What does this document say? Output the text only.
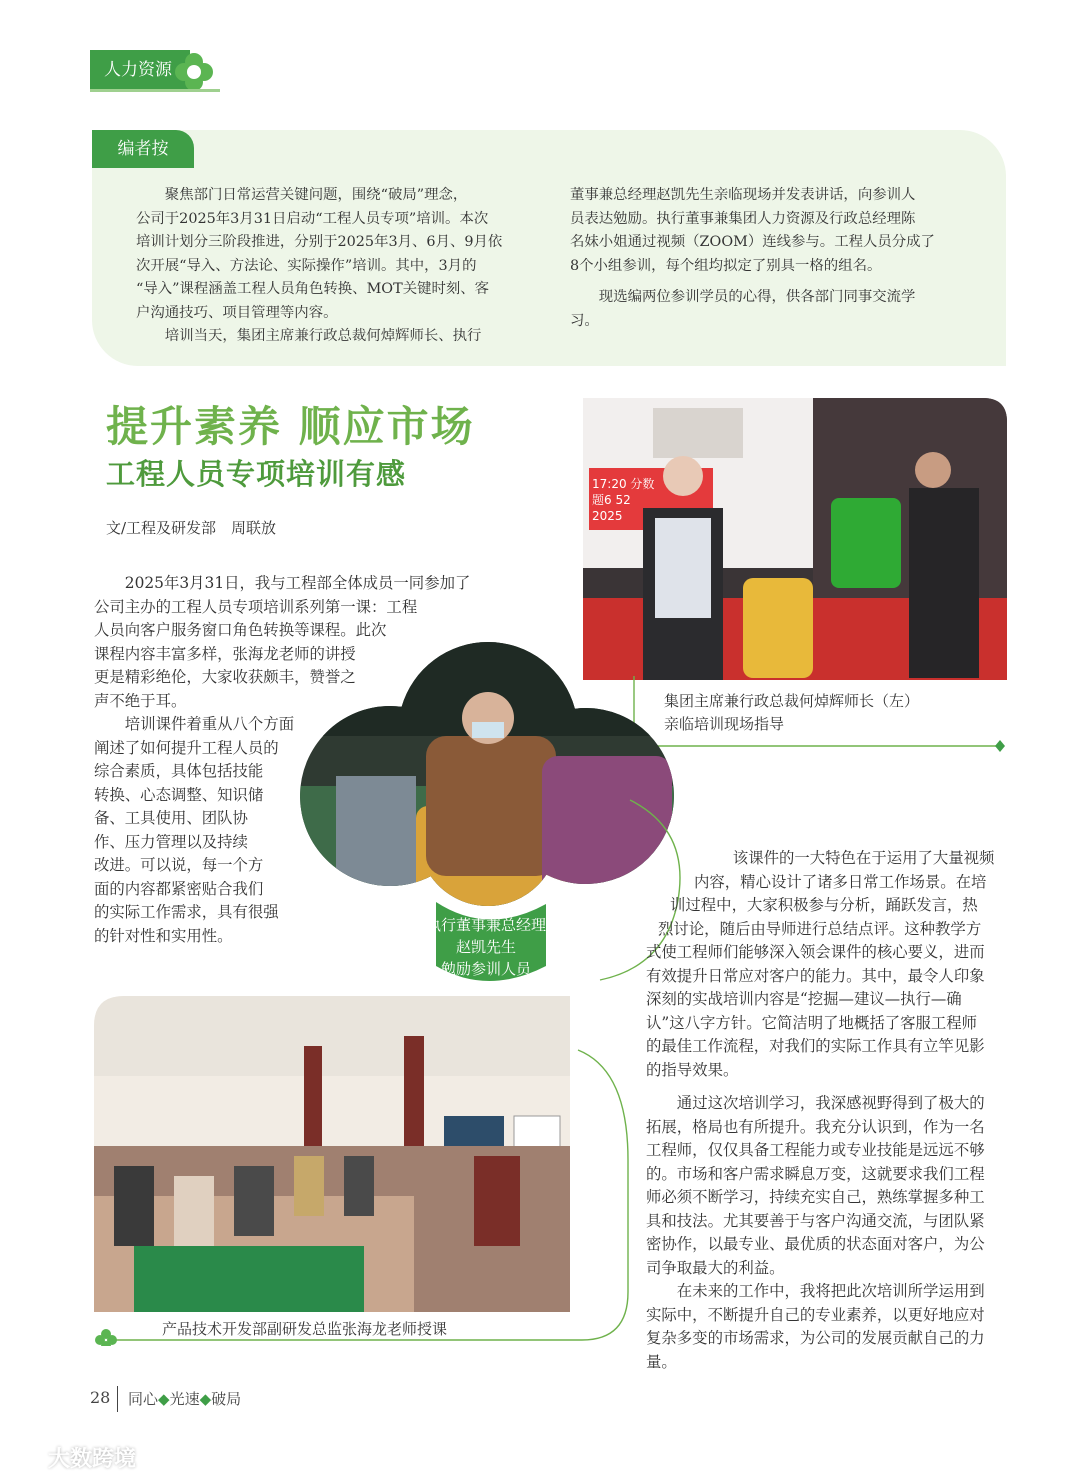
人力资源
编者按

聚焦部门日常运营关键问题，围绕“破局”理念，
公司于2025年3月31日启动“工程人员专项”培训。本次
培训计划分三阶段推进，分别于2025年3月、6月、9月依
次开展“导入、方法论、实际操作”培训。其中，3月的
“导入”课程涵盖工程人员角色转换、MOT关键时刻、客
户沟通技巧、项目管理等内容。

培训当天，集团主席兼行政总裁何焯辉师长、执行

董事兼总经理赵凯先生亲临现场并发表讲话，向参训人
员表达勉励。执行董事兼集团人力资源及行政总经理陈
名妹小姐通过视频（ZOOM）连线参与。工程人员分成了
8个小组参训，每个组均拟定了别具一格的组名。

现选编两位参训学员的心得，供各部门同事交流学
习。

提升素养 顺应市场
工程人员专项培训有感
文/工程及研发部　周联放
17:20 分数
题6 52
2025
集团主席兼行政总裁何焯辉师长（左）
亲临培训现场指导

2025年3月31日，我与工程部全体成员一同参加了
公司主办的工程人员专项培训系列第一课：工程
人员向客户服务窗口角色转换等课程。此次
课程内容丰富多样，张海龙老师的讲授
更是精彩绝伦，大家收获颇丰，赞誉之
声不绝于耳。

培训课件着重从八个方面
阐述了如何提升工程人员的
综合素质，具体包括技能
转换、心态调整、知识储
备、工具使用、团队协
作、压力管理以及持续
改进。可以说，每一个方
面的内容都紧密贴合我们
的实际工作需求，具有很强
的针对性和实用性。

执行董事兼总经理
赵凯先生
勉励参训人员

该课件的一大特色在于运用了大量视频
内容，精心设计了诸多日常工作场景。在培
训过程中，大家积极参与分析，踊跃发言，热
烈讨论，随后由导师进行总结点评。这种教学方
式使工程师们能够深入领会课件的核心要义，进而
有效提升日常应对客户的能力。其中，最令人印象
深刻的实战培训内容是“挖掘—建议—执行—确
认”这八字方针。它简洁明了地概括了客服工程师
的最佳工作流程，对我们的实际工作具有立竿见影
的指导效果。

通过这次培训学习，我深感视野得到了极大的
拓展，格局也有所提升。我充分认识到，作为一名
工程师，仅仅具备工程能力或专业技能是远远不够
的。市场和客户需求瞬息万变，这就要求我们工程
师必须不断学习，持续充实自己，熟练掌握多种工
具和技法。尤其要善于与客户沟通交流，与团队紧
密协作，以最专业、最优质的状态面对客户，为公
司争取最大的利益。

在未来的工作中，我将把此次培训所学运用到
实际中，不断提升自己的专业素养，以更好地应对
复杂多变的市场需求，为公司的发展贡献自己的力
量。

产品技术开发部副研发总监张海龙老师授课
28 同心◆光速◆破局
大数跨境
